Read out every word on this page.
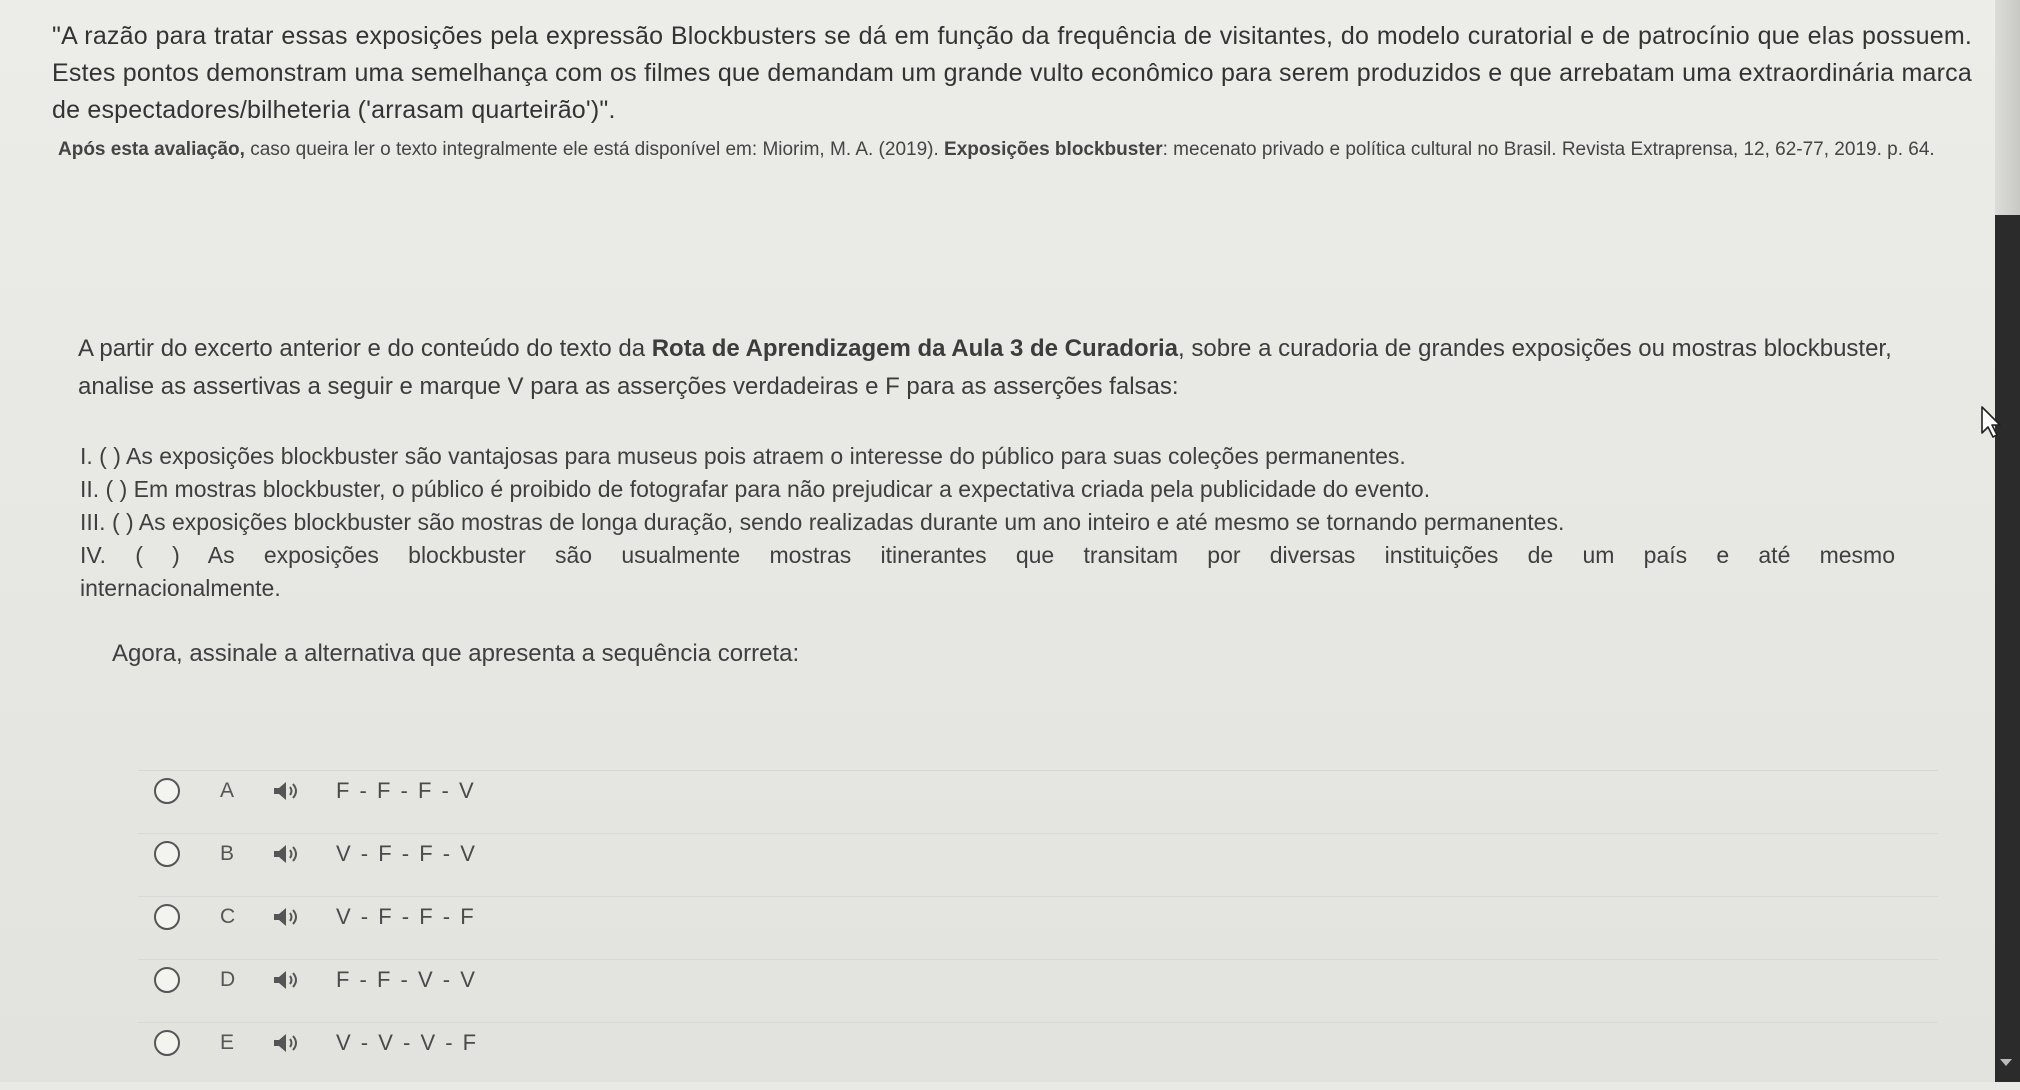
"A razão para tratar essas exposições pela expressão Blockbusters se dá em função da frequência de visitantes, do modelo curatorial e de patrocínio que elas possuem. Estes pontos demonstram uma semelhança com os filmes que demandam um grande vulto econômico para serem produzidos e que arrebatam uma extraordinária marca de espectadores/bilheteria ('arrasam quarteirão')".
Após esta avaliação, caso queira ler o texto integralmente ele está disponível em: Miorim, M. A. (2019). Exposições blockbuster: mecenato privado e política cultural no Brasil. Revista Extraprensa, 12, 62-77, 2019. p. 64.
A partir do excerto anterior e do conteúdo do texto da Rota de Aprendizagem da Aula 3 de Curadoria, sobre a curadoria de grandes exposições ou mostras blockbuster, analise as assertivas a seguir e marque V para as asserções verdadeiras e F para as asserções falsas:
I. ( ) As exposições blockbuster são vantajosas para museus pois atraem o interesse do público para suas coleções permanentes.
II. ( ) Em mostras blockbuster, o público é proibido de fotografar para não prejudicar a expectativa criada pela publicidade do evento.
III. ( ) As exposições blockbuster são mostras de longa duração, sendo realizadas durante um ano inteiro e até mesmo se tornando permanentes.
IV. ( ) As exposições blockbuster são usualmente mostras itinerantes que transitam por diversas instituições de um país e até mesmo
internacionalmente.
Agora, assinale a alternativa que apresenta a sequência correta:
A	F - F - F - V
B	V - F - F - V
C	V - F - F - F
D	F - F - V - V
E	V - V - V - F
